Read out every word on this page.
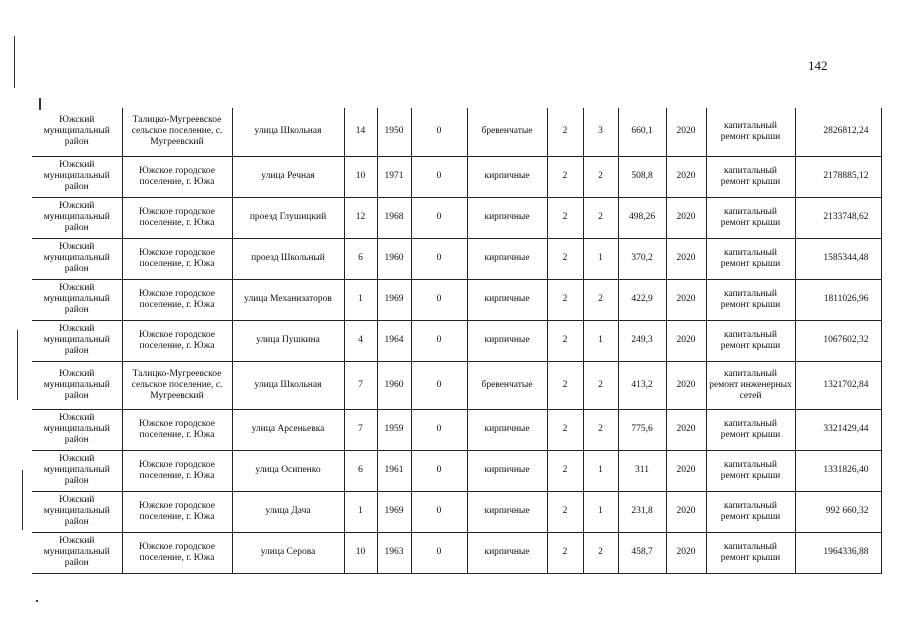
142
Южский муниципальный район	Талицко-Мугреевское сельское поселение, с. Мугреевский	улица Школьная	14	1950	0	бревенчатые	2	3	660,1	2020	капитальный ремонт крыши	2826812,24
Южский муниципальный район	Южское городское поселение, г. Южа	улица Речная	10	1971	0	кирпичные	2	2	508,8	2020	капитальный ремонт крыши	2178885,12
Южский муниципальный район	Южское городское поселение, г. Южа	проезд Глушицкий	12	1968	0	кирпичные	2	2	498,26	2020	капитальный ремонт крыши	2133748,62
Южский муниципальный район	Южское городское поселение, г. Южа	проезд Школьный	6	1960	0	кирпичные	2	1	370,2	2020	капитальный ремонт крыши	1585344,48
Южский муниципальный район	Южское городское поселение, г. Южа	улица Механизаторов	1	1969	0	кирпичные	2	2	422,9	2020	капитальный ремонт крыши	1811026,96
Южский муниципальный район	Южское городское поселение, г. Южа	улица Пушкина	4	1964	0	кирпичные	2	1	249,3	2020	капитальный ремонт крыши	1067602,32
Южский муниципальный район	Талицко-Мугреевское сельское поселение, с. Мугреевский	улица Школьная	7	1960	0	бревенчатые	2	2	413,2	2020	капитальный ремонт инженерных сетей	1321702,84
Южский муниципальный район	Южское городское поселение, г. Южа	улица Арсеньевка	7	1959	0	кирпичные	2	2	775,6	2020	капитальный ремонт крыши	3321429,44
Южский муниципальный район	Южское городское поселение, г. Южа	улица Осипенко	6	1961	0	кирпичные	2	1	311	2020	капитальный ремонт крыши	1331826,40
Южский муниципальный район	Южское городское поселение, г. Южа	улица Дача	1	1969	0	кирпичные	2	1	231,8	2020	капитальный ремонт крыши	992 660,32
Южский муниципальный район	Южское городское поселение, г. Южа	улица Серова	10	1963	0	кирпичные	2	2	458,7	2020	капитальный ремонт крыши	1964336,88
